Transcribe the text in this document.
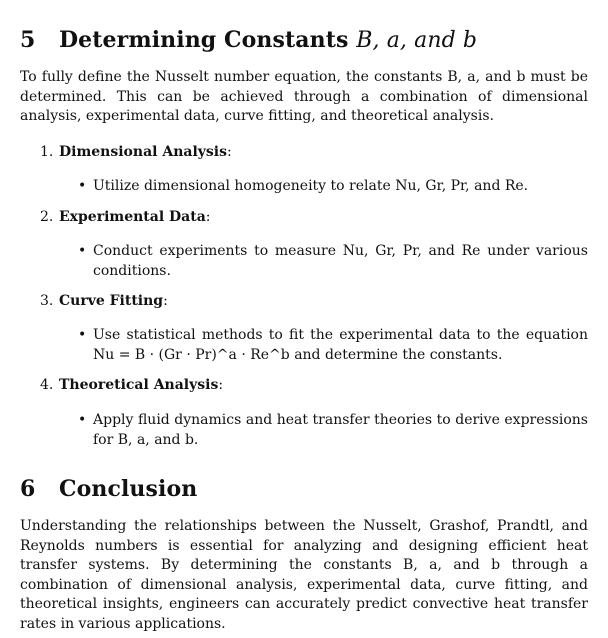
5 Determining Constants B, a, and b
To fully define the Nusselt number equation, the constants B, a, and b must be determined. This can be achieved through a combination of dimensional analysis, experimental data, curve fitting, and theoretical analysis.
1. Dimensional Analysis:
• Utilize dimensional homogeneity to relate Nu, Gr, Pr, and Re.
2. Experimental Data:
• Conduct experiments to measure Nu, Gr, Pr, and Re under various conditions.
3. Curve Fitting:
• Use statistical methods to fit the experimental data to the equation Nu = B · (Gr · Pr)^a · Re^b and determine the constants.
4. Theoretical Analysis:
• Apply fluid dynamics and heat transfer theories to derive expressions for B, a, and b.
6 Conclusion
Understanding the relationships between the Nusselt, Grashof, Prandtl, and Reynolds numbers is essential for analyzing and designing efficient heat transfer systems. By determining the constants B, a, and b through a combination of dimensional analysis, experimental data, curve fitting, and theoretical insights, engineers can accurately predict convective heat transfer rates in various applications.
